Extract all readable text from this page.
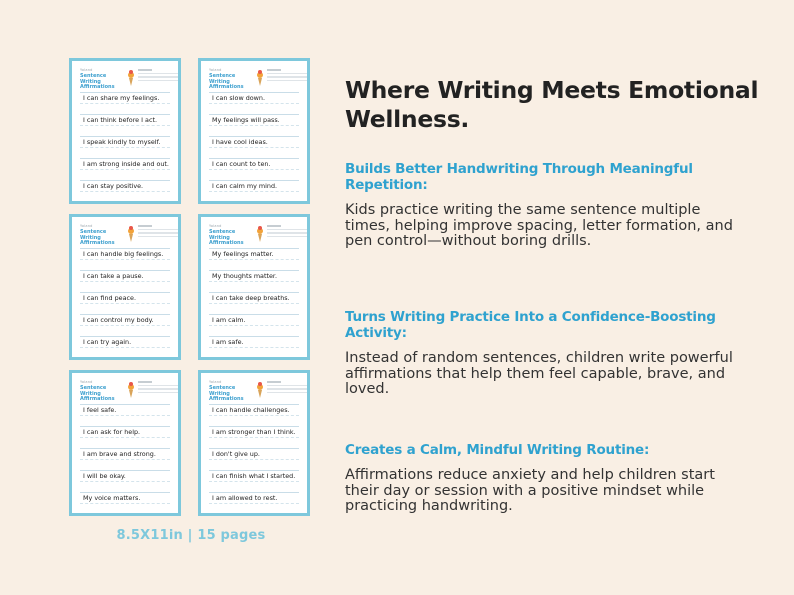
Yoland
Sentence Writing Affirmations
I can share my feelings.
I can think before I act.
I speak kindly to myself.
I am strong inside and out.
I can stay positive.
Yoland
Sentence Writing Affirmations
I can slow down.
My feelings will pass.
I have cool ideas.
I can count to ten.
I can calm my mind.
Yoland
Sentence Writing Affirmations
I can handle big feelings.
I can take a pause.
I can find peace.
I can control my body.
I can try again.
Yoland
Sentence Writing Affirmations
My feelings matter.
My thoughts matter.
I can take deep breaths.
I am calm.
I am safe.
Yoland
Sentence Writing Affirmations
I feel safe.
I can ask for help.
I am brave and strong.
I will be okay.
My voice matters.
Yoland
Sentence Writing Affirmations
I can handle challenges.
I am stronger than I think.
I don't give up.
I can finish what I started.
I am allowed to rest.
8.5X11in | 15 pages
Where Writing Meets Emotional Wellness.

Builds Better Handwriting Through Meaningful Repetition:

Kids practice writing the same sentence multiple times, helping improve spacing, letter formation, and pen control—without boring drills.

Turns Writing Practice Into a Confidence-Boosting Activity:

Instead of random sentences, children write powerful affirmations that help them feel capable, brave, and loved.

Creates a Calm, Mindful Writing Routine:

Affirmations reduce anxiety and help children start their day or session with a positive mindset while practicing handwriting.
